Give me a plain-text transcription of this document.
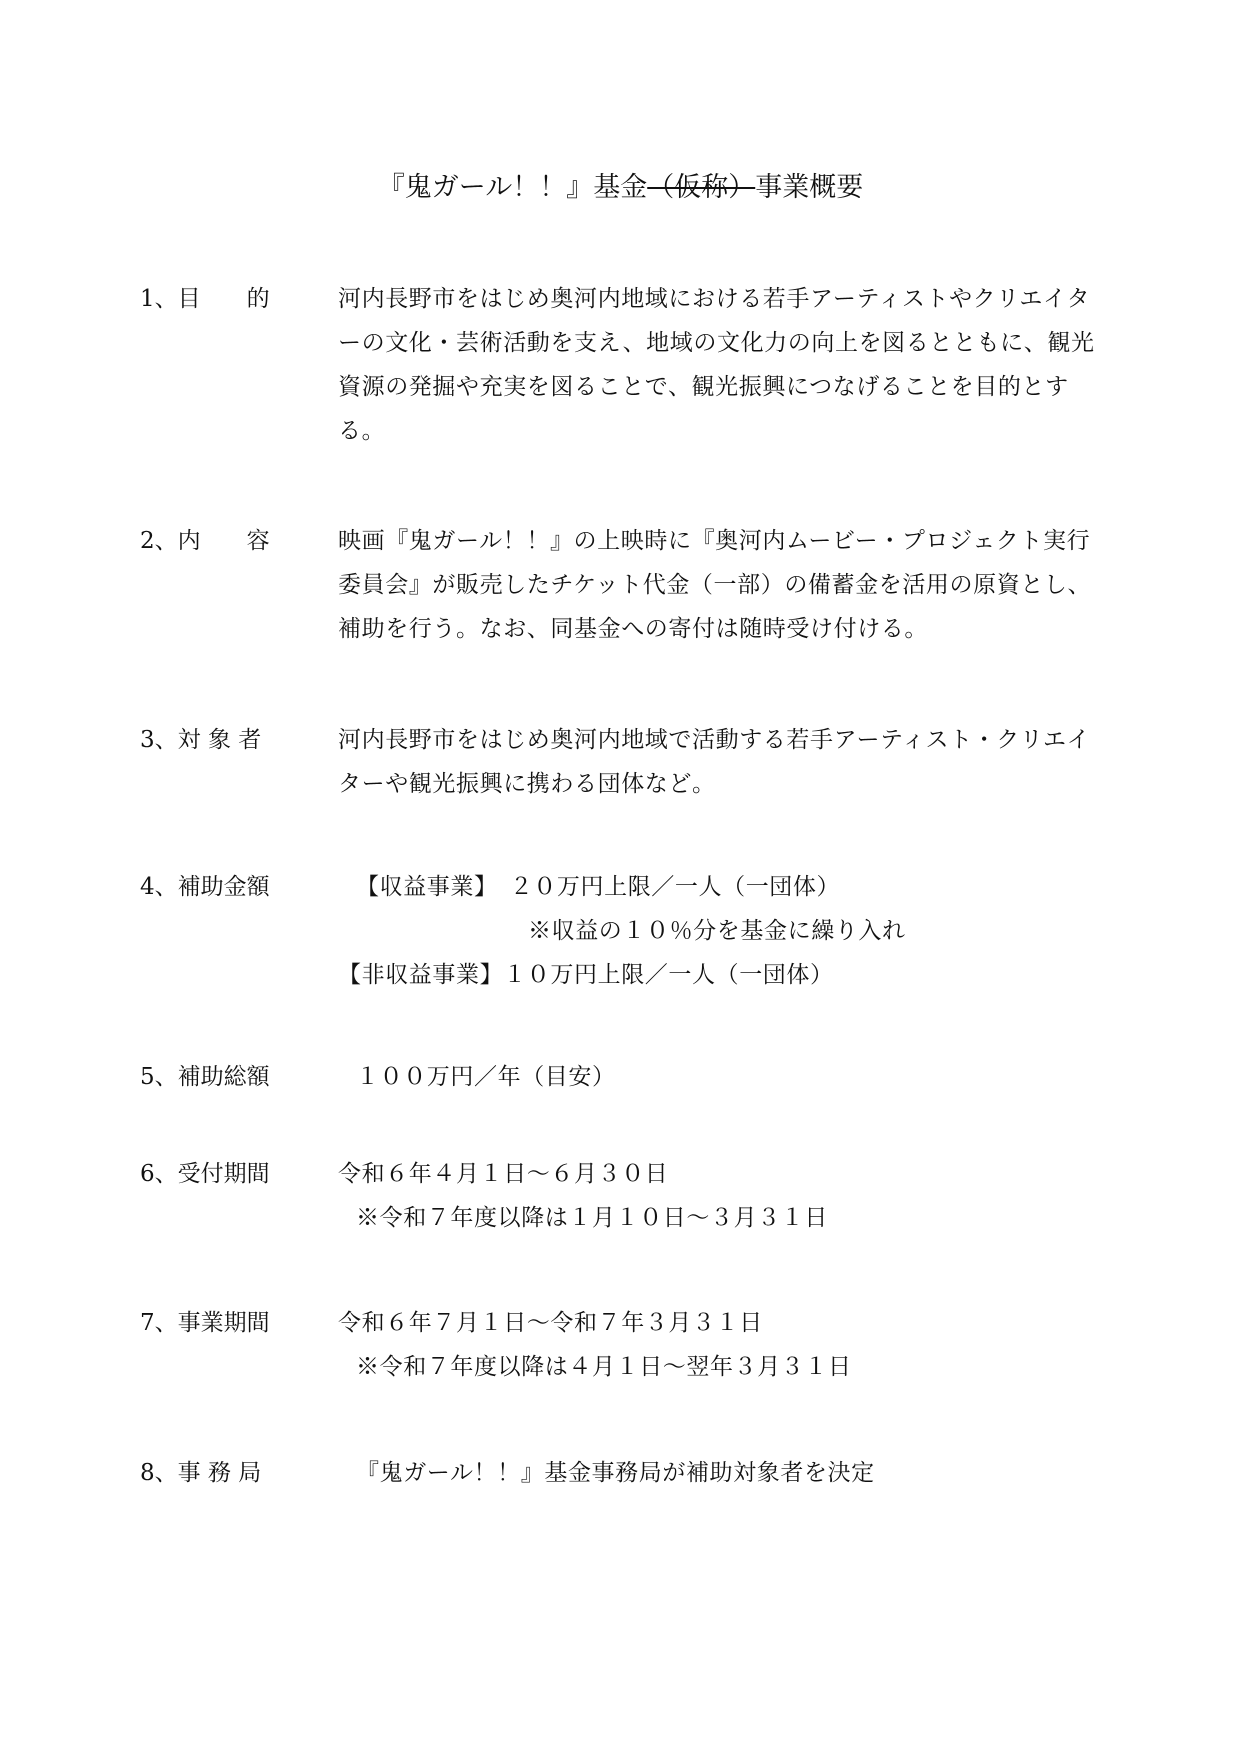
『鬼ガール！！』基金（仮称）事業概要
1、目　　的	河内長野市をはじめ奥河内地域における若手アーティストやクリエイターの文化・芸術活動を支え、地域の文化力の向上を図るとともに、観光資源の発掘や充実を図ることで、観光振興につなげることを目的とする。

2、内　　容	映画『鬼ガール！！』の上映時に『奥河内ムービー・プロジェクト実行委員会』が販売したチケット代金（一部）の備蓄金を活用の原資とし、補助を行う。なお、同基金への寄付は随時受け付ける。

3、対 象 者	河内長野市をはじめ奥河内地域で活動する若手アーティスト・クリエイターや観光振興に携わる団体など。

4、補助金額	【収益事業】　２０万円上限／一人（一団体）
※収益の１０％分を基金に繰り入れ
【非収益事業】１０万円上限／一人（一団体）
5、補助総額	１００万円／年（目安）
6、受付期間	令和６年４月１日～６月３０日
※令和７年度以降は１月１０日～３月３１日
7、事業期間	令和６年７月１日～令和７年３月３１日
※令和７年度以降は４月１日～翌年３月３１日
8、事 務 局	『鬼ガール！！』基金事務局が補助対象者を決定
